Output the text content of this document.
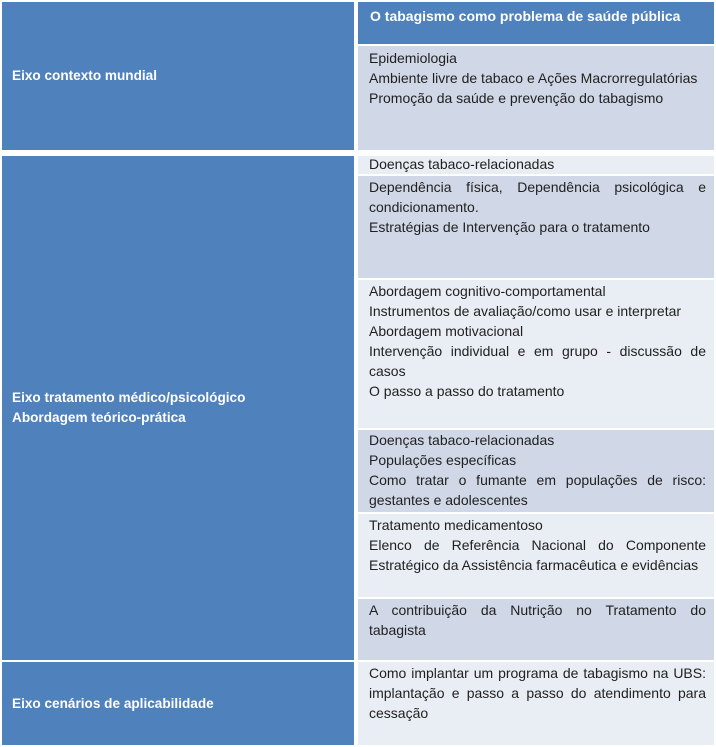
Eixo contexto mundial
O tabagismo como problema de saúde pública
Epidemiologia
Ambiente livre de tabaco e Ações Macrorregulatórias
Promoção da saúde e prevenção do tabagismo
Eixo tratamento médico/psicológico
Abordagem teórico-prática
Doenças tabaco-relacionadas
Dependência física, Dependência psicológica e condicionamento.
Estratégias de Intervenção para o tratamento
Abordagem cognitivo-comportamental
Instrumentos de avaliação/como usar e interpretar
Abordagem motivacional
Intervenção individual e em grupo - discussão de casos
O passo a passo do tratamento
Doenças tabaco-relacionadas
Populações específicas
Como tratar o fumante em populações de risco: gestantes e adolescentes
Tratamento medicamentoso
Elenco de Referência Nacional do Componente Estratégico da Assistência farmacêutica e evidências
A contribuição da Nutrição no Tratamento do tabagista
Eixo cenários de aplicabilidade
Como implantar um programa de tabagismo na UBS: implantação e passo a passo do atendimento para cessação
